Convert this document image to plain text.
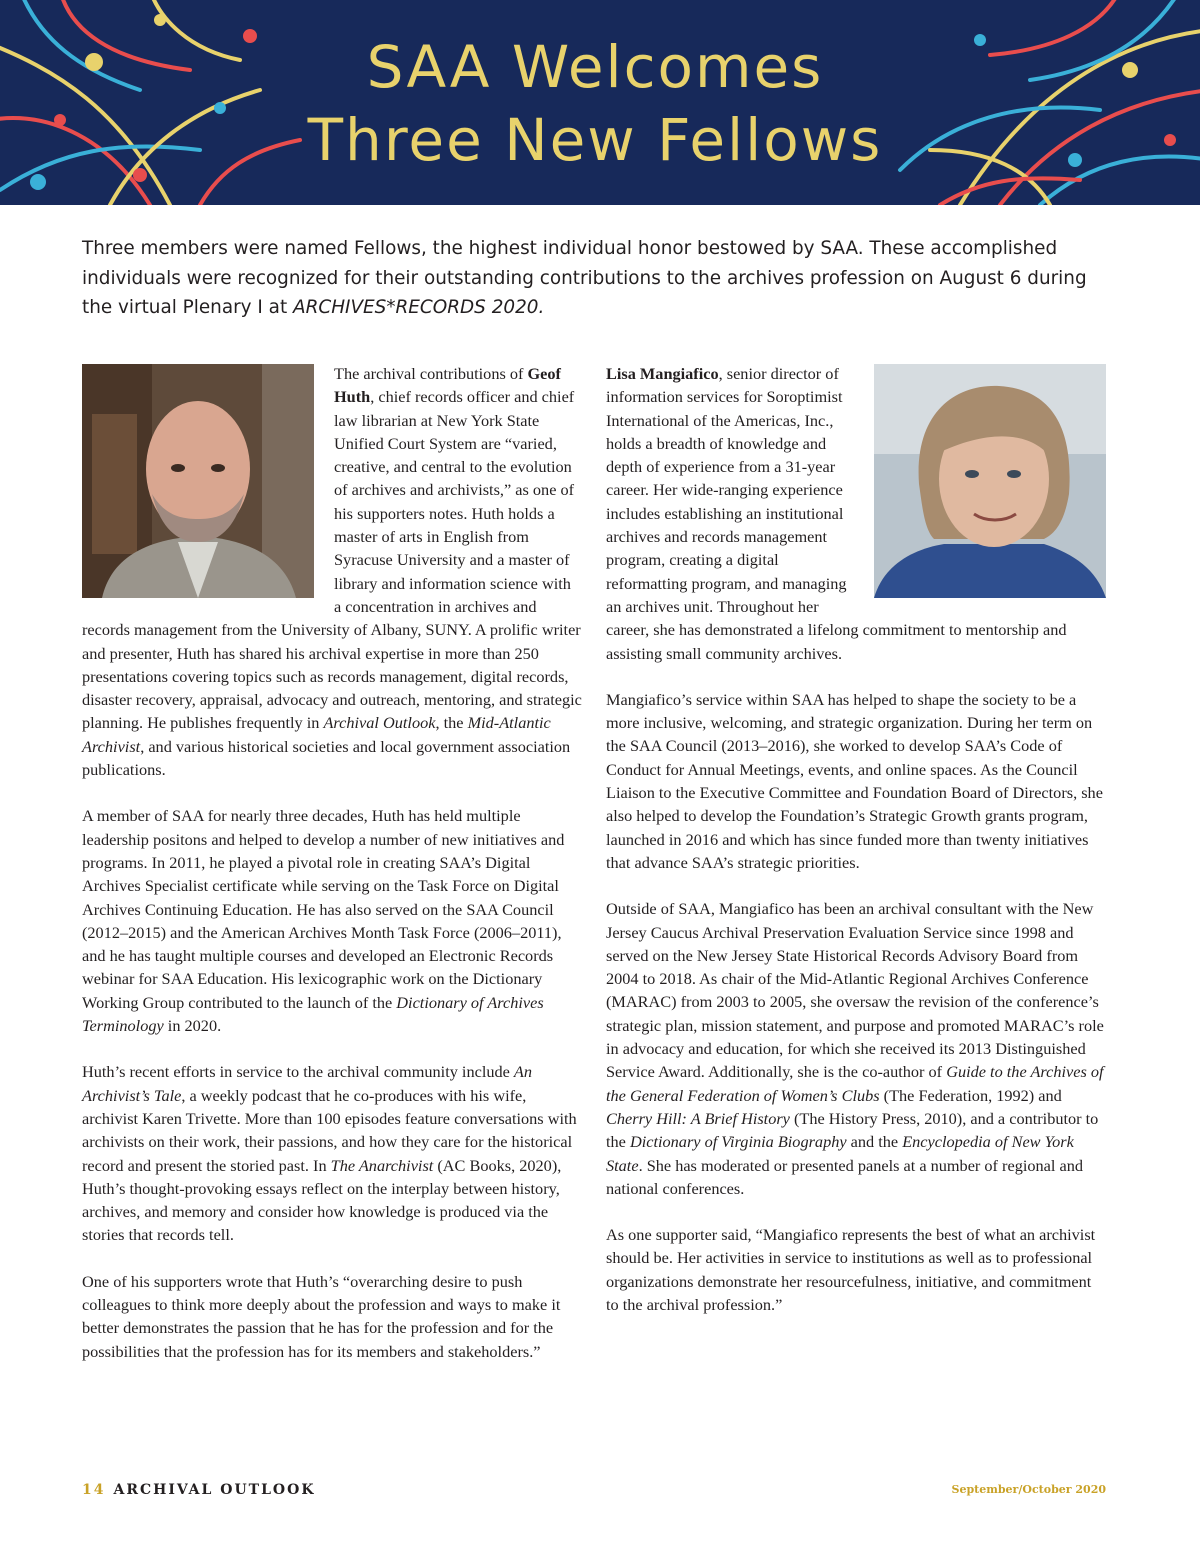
SAA Welcomes
Three New Fellows

Three members were named Fellows, the highest individual honor bestowed by SAA. These accomplished individuals were recognized for their outstanding contributions to the archives profession on August 6 during the virtual Plenary I at ARCHIVES*RECORDS 2020.

The archival contributions of Geof Huth, chief records officer and chief law librarian at New York State Unified Court System are “varied, creative, and central to the evolution of archives and archivists,” as one of his supporters notes. Huth holds a master of arts in English from Syracuse University and a master of library and information science with a concentration in archives and records management from the University of Albany, SUNY. A prolific writer and presenter, Huth has shared his archival expertise in more than 250 presentations covering topics such as records management, digital records, disaster recovery, appraisal, advocacy and outreach, mentoring, and strategic planning. He publishes frequently in Archival Outlook, the Mid-Atlantic Archivist, and various historical societies and local government association publications.

A member of SAA for nearly three decades, Huth has held multiple leadership positons and helped to develop a number of new initiatives and programs. In 2011, he played a pivotal role in creating SAA’s Digital Archives Specialist certificate while serving on the Task Force on Digital Archives Continuing Education. He has also served on the SAA Council (2012–2015) and the American Archives Month Task Force (2006–2011), and he has taught multiple courses and developed an Electronic Records webinar for SAA Education. His lexicographic work on the Dictionary Working Group contributed to the launch of the Dictionary of Archives Terminology in 2020.

Huth’s recent efforts in service to the archival community include An Archivist’s Tale, a weekly podcast that he co-produces with his wife, archivist Karen Trivette. More than 100 episodes feature conversations with archivists on their work, their passions, and how they care for the historical record and present the storied past. In The Anarchivist (AC Books, 2020), Huth’s thought-provoking essays reflect on the interplay between history, archives, and memory and consider how knowledge is produced via the stories that records tell.

One of his supporters wrote that Huth’s “overarching desire to push colleagues to think more deeply about the profession and ways to make it better demonstrates the passion that he has for the profession and for the possibilities that the profession has for its members and stakeholders.”

Lisa Mangiafico, senior director of information services for Soroptimist International of the Americas, Inc., holds a breadth of knowledge and depth of experience from a 31-year career. Her wide-ranging experience includes establishing an institutional archives and records management program, creating a digital reformatting program, and managing an archives unit. Throughout her career, she has demonstrated a lifelong commitment to mentorship and assisting small community archives.

Mangiafico’s service within SAA has helped to shape the society to be a more inclusive, welcoming, and strategic organization. During her term on the SAA Council (2013–2016), she worked to develop SAA’s Code of Conduct for Annual Meetings, events, and online spaces. As the Council Liaison to the Executive Committee and Foundation Board of Directors, she also helped to develop the Foundation’s Strategic Growth grants program, launched in 2016 and which has since funded more than twenty initiatives that advance SAA’s strategic priorities.

Outside of SAA, Mangiafico has been an archival consultant with the New Jersey Caucus Archival Preservation Evaluation Service since 1998 and served on the New Jersey State Historical Records Advisory Board from 2004 to 2018. As chair of the Mid-Atlantic Regional Archives Conference (MARAC) from 2003 to 2005, she oversaw the revision of the conference’s strategic plan, mission statement, and purpose and promoted MARAC’s role in advocacy and education, for which she received its 2013 Distinguished Service Award. Additionally, she is the co-author of Guide to the Archives of the General Federation of Women’s Clubs (The Federation, 1992) and Cherry Hill: A Brief History (The History Press, 2010), and a contributor to the Dictionary of Virginia Biography and the Encyclopedia of New York State. She has moderated or presented panels at a number of regional and national conferences.

As one supporter said, “Mangiafico represents the best of what an archivist should be. Her activities in service to institutions as well as to professional organizations demonstrate her resourcefulness, initiative, and commitment to the archival profession.”

14 ARCHIVAL OUTLOOK	September/October 2020
